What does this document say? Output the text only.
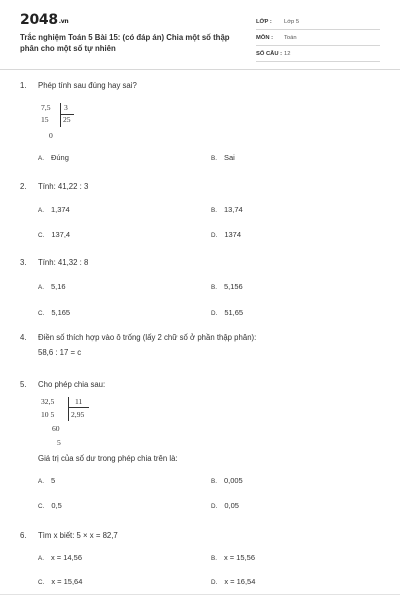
2048.vn
Trắc nghiệm Toán 5 Bài 15: (có đáp án) Chia một số thập phân cho một số tự nhiên
LỚP :	Lớp 5
MÔN :	Toán
SỐ CÂU : 12
1.	Phép tính sau đúng hay sai?
7,5 3
15 25
0
A. Đúng	B. Sai
2.	Tính: 41,22 : 3
A. 1,374	B. 13,74
C. 137,4	D. 1374
3.	Tính: 41,32 : 8
A. 5,16	B. 5,156
C. 5,165	D. 51,65
4.	Điền số thích hợp vào ô trống (lấy 2 chữ số ở phần thập phân):
58,6 : 17 = c
5.	Cho phép chia sau:
32,5	11
10 5 2,95
60
5
Giá trị của số dư trong phép chia trên là:
A. 5	B. 0,005
C. 0,5	D. 0,05
6.	Tìm x biết: 5 × x = 82,7
A. x = 14,56	B. x = 15,56
C. x = 15,64	D. x = 16,54
